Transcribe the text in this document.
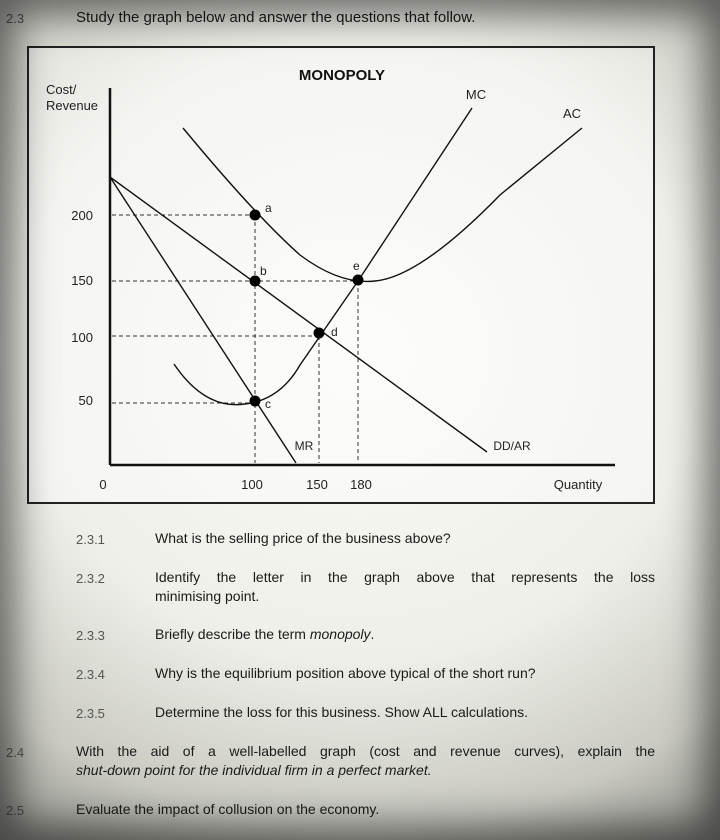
2.3	Study the graph below and answer the questions that follow.
MONOPOLY
Cost/
Revenue
Quantity
0
200
150
100
50
100	150 180
MC
AC
MR	DD/AR
a
b
c
d
e
2.3.1	What is the selling price of the business above?
2.3.2	Identify the letter in the graph above that represents the loss
minimising point.
2.3.3	Briefly describe the term monopoly.
2.3.4	Why is the equilibrium position above typical of the short run?
2.3.5	Determine the loss for this business. Show ALL calculations.
2.4	With the aid of a well-labelled graph (cost and revenue curves), explain the
shut-down point for the individual firm in a perfect market.
2.5	Evaluate the impact of collusion on the economy.
